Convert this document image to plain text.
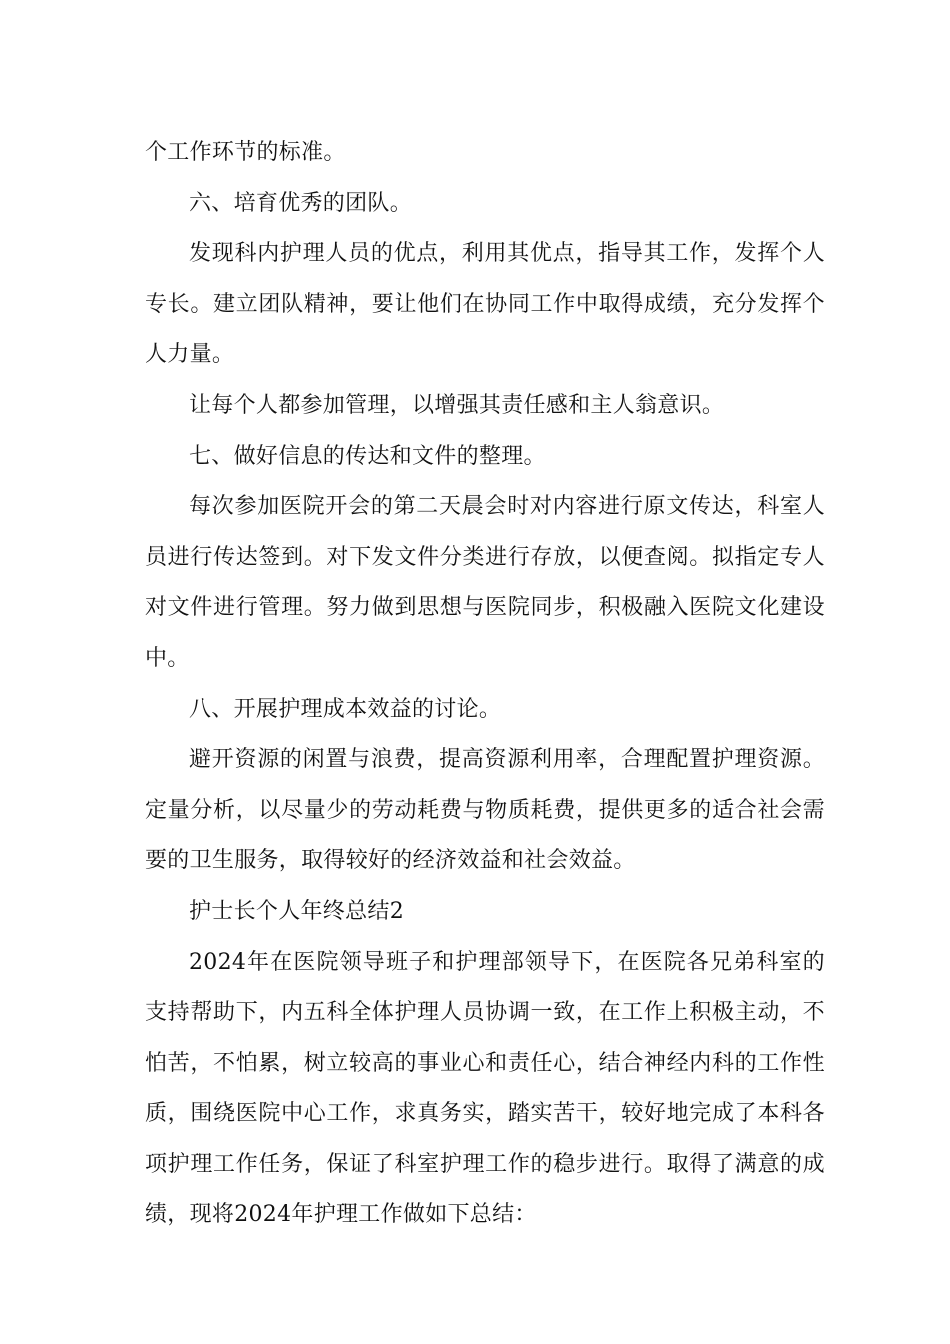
个工作环节的标准。

六、培育优秀的团队。

发现科内护理人员的优点，利用其优点，指导其工作，发挥个人专长。建立团队精神，要让他们在协同工作中取得成绩，充分发挥个人力量。

让每个人都参加管理，以增强其责任感和主人翁意识。

七、做好信息的传达和文件的整理。

每次参加医院开会的第二天晨会时对内容进行原文传达，科室人员进行传达签到。对下发文件分类进行存放，以便查阅。拟指定专人对文件进行管理。努力做到思想与医院同步，积极融入医院文化建设中。

八、开展护理成本效益的讨论。

避开资源的闲置与浪费，提高资源利用率，合理配置护理资源。定量分析，以尽量少的劳动耗费与物质耗费，提供更多的适合社会需要的卫生服务，取得较好的经济效益和社会效益。

护士长个人年终总结2

2024年在医院领导班子和护理部领导下，在医院各兄弟科室的支持帮助下，内五科全体护理人员协调一致，在工作上积极主动，不怕苦，不怕累，树立较高的事业心和责任心，结合神经内科的工作性质，围绕医院中心工作，求真务实，踏实苦干，较好地完成了本科各项护理工作任务，保证了科室护理工作的稳步进行。取得了满意的成绩，现将2024年护理工作做如下总结：
